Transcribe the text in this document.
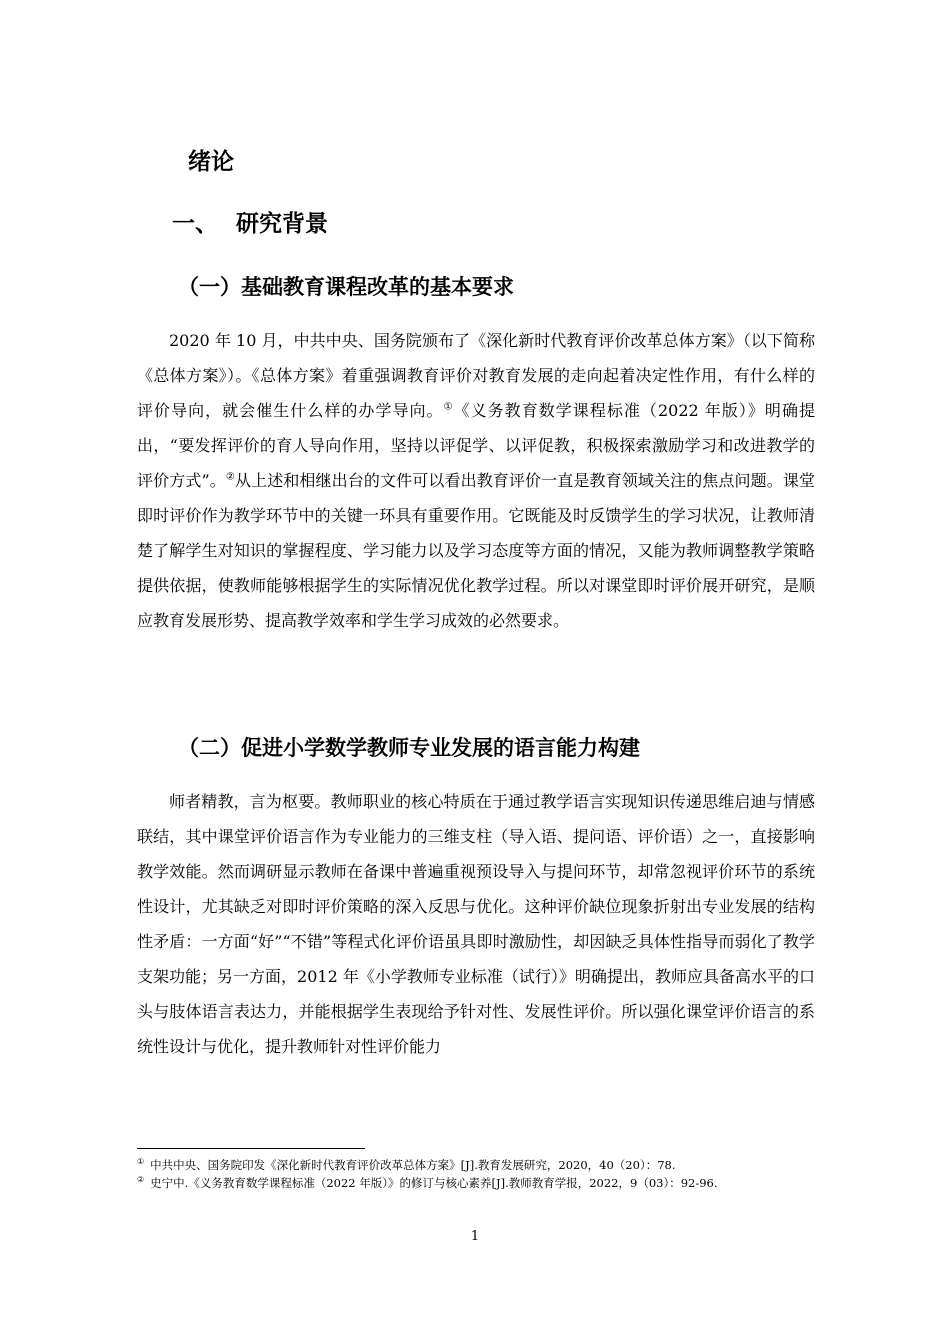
绪论
一、 研究背景
（一）基础教育课程改革的基本要求

2020 年 10 月，中共中央、国务院颁布了《深化新时代教育评价改革总体方案》（以下简称《总体方案》）。《总体方案》着重强调教育评价对教育发展的走向起着决定性作用，有什么样的评价导向，就会催生什么样的办学导向。①《义务教育数学课程标准（2022 年版）》明确提出，“要发挥评价的育人导向作用，坚持以评促学、以评促教，积极探索激励学习和改进教学的评价方式”。②从上述和相继出台的文件可以看出教育评价一直是教育领域关注的焦点问题。课堂即时评价作为教学环节中的关键一环具有重要作用。它既能及时反馈学生的学习状况，让教师清楚了解学生对知识的掌握程度、学习能力以及学习态度等方面的情况，又能为教师调整教学策略提供依据，使教师能够根据学生的实际情况优化教学过程。所以对课堂即时评价展开研究，是顺应教育发展形势、提高教学效率和学生学习成效的必然要求。

（二）促进小学数学教师专业发展的语言能力构建

师者精教，言为枢要。教师职业的核心特质在于通过教学语言实现知识传递思维启迪与情感联结，其中课堂评价语言作为专业能力的三维支柱（导入语、提问语、评价语）之一，直接影响教学效能。然而调研显示教师在备课中普遍重视预设导入与提问环节，却常忽视评价环节的系统性设计，尤其缺乏对即时评价策略的深入反思与优化。这种评价缺位现象折射出专业发展的结构性矛盾：一方面“好”“不错”等程式化评价语虽具即时激励性，却因缺乏具体性指导而弱化了教学支架功能；另一方面，2012 年《小学教师专业标准（试行）》明确提出，教师应具备高水平的口头与肢体语言表达力，并能根据学生表现给予针对性、发展性评价。所以强化课堂评价语言的系统性设计与优化，提升教师针对性评价能力

① 中共中央、国务院印发《深化新时代教育评价改革总体方案》[J].教育发展研究，2020，40（20）：78.

② 史宁中.《义务教育数学课程标准（2022 年版）》的修订与核心素养[J].教师教育学报，2022，9（03）：92-96.

1
